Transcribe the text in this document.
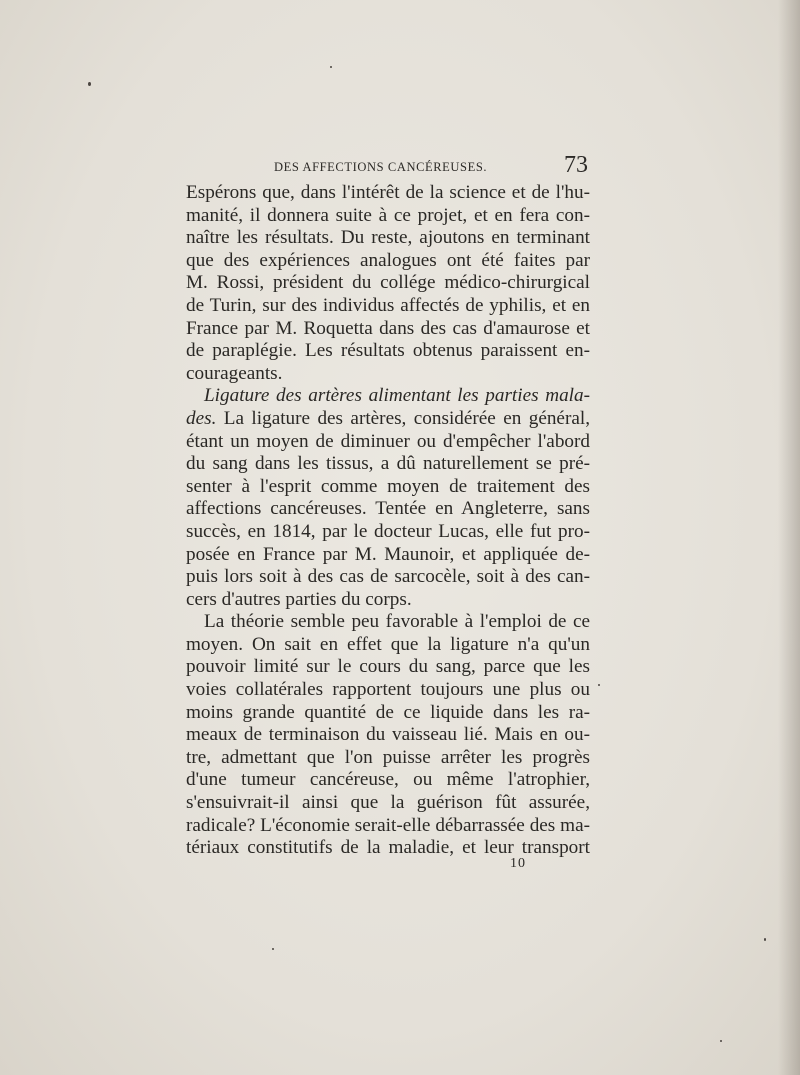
DES AFFECTIONS CANCÉREUSES.	73
Espérons que, dans l'intérêt de la science et de l'hu-
manité, il donnera suite à ce projet, et en fera con-
naître les résultats. Du reste, ajoutons en terminant
que des expériences analogues ont été faites par
M. Rossi, président du collége médico-chirurgical
de Turin, sur des individus affectés de yphilis, et en
France par M. Roquetta dans des cas d'amaurose et
de paraplégie. Les résultats obtenus paraissent en-
courageants.
Ligature des artères alimentant les parties mala-
des. La ligature des artères, considérée en général,
étant un moyen de diminuer ou d'empêcher l'abord
du sang dans les tissus, a dû naturellement se pré-
senter à l'esprit comme moyen de traitement des
affections cancéreuses. Tentée en Angleterre, sans
succès, en 1814, par le docteur Lucas, elle fut pro-
posée en France par M. Maunoir, et appliquée de-
puis lors soit à des cas de sarcocèle, soit à des can-
cers d'autres parties du corps.
La théorie semble peu favorable à l'emploi de ce
moyen. On sait en effet que la ligature n'a qu'un
pouvoir limité sur le cours du sang, parce que les
voies collatérales rapportent toujours une plus ou
moins grande quantité de ce liquide dans les ra-
meaux de terminaison du vaisseau lié. Mais en ou-
tre, admettant que l'on puisse arrêter les progrès
d'une tumeur cancéreuse, ou même l'atrophier,
s'ensuivrait-il ainsi que la guérison fût assurée,
radicale? L'économie serait-elle débarrassée des ma-
tériaux constitutifs de la maladie, et leur transport
10
